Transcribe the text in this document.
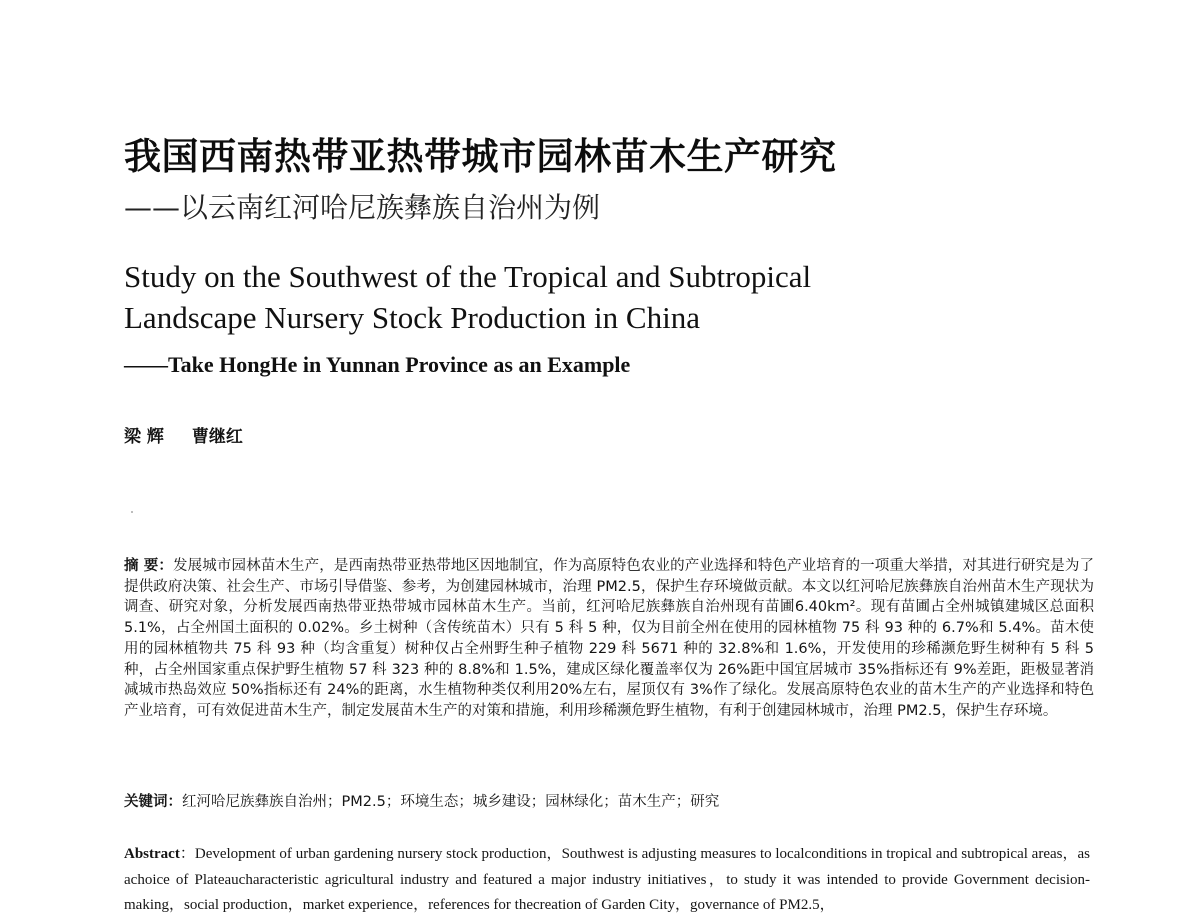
我国西南热带亚热带城市园林苗木生产研究
——以云南红河哈尼族彝族自治州为例
Study on the Southwest of the Tropical and Subtropical
Landscape Nursery Stock Production in China
——Take HongHe in Yunnan Province as an Example

梁 辉 曹继红

摘 要：发展城市园林苗木生产，是西南热带亚热带地区因地制宜，作为高原特色农业的产业选择和特色产业培育的一项重大举措，对其进行研究是为了提供政府决策、社会生产、市场引导借鉴、参考，为创建园林城市，治理 PM2.5，保护生存环境做贡献。本文以红河哈尼族彝族自治州苗木生产现状为调查、研究对象，分析发展西南热带亚热带城市园林苗木生产。当前，红河哈尼族彝族自治州现有苗圃6.40km²。现有苗圃占全州城镇建城区总面积 5.1%，占全州国土面积的 0.02%。乡土树种（含传统苗木）只有 5 科 5 种，仅为目前全州在使用的园林植物 75 科 93 种的 6.7%和 5.4%。苗木使用的园林植物共 75 科 93 种（均含重复）树种仅占全州野生种子植物 229 科 5671 种的 32.8%和 1.6%，开发使用的珍稀濒危野生树种有 5 科 5 种，占全州国家重点保护野生植物 57 科 323 种的 8.8%和 1.5%，建成区绿化覆盖率仅为 26%距中国宜居城市 35%指标还有 9%差距，距极显著消减城市热岛效应 50%指标还有 24%的距离，水生植物种类仅利用20%左右，屋顶仅有 3%作了绿化。发展高原特色农业的苗木生产的产业选择和特色产业培育，可有效促进苗木生产，制定发展苗木生产的对策和措施，利用珍稀濒危野生植物，有利于创建园林城市，治理 PM2.5，保护生存环境。

关键词：红河哈尼族彝族自治州；PM2.5；环境生态；城乡建设；园林绿化；苗木生产；研究

Abstract：Development of urban gardening nursery stock production，Southwest is adjusting measures to localconditions in tropical and subtropical areas，as achoice of Plateaucharacteristic agricultural industry and featured a major industry initiatives，to study it was intended to provide Government decision-making，social production，market experience，references for thecreation of Garden City，governance of PM2.5，
